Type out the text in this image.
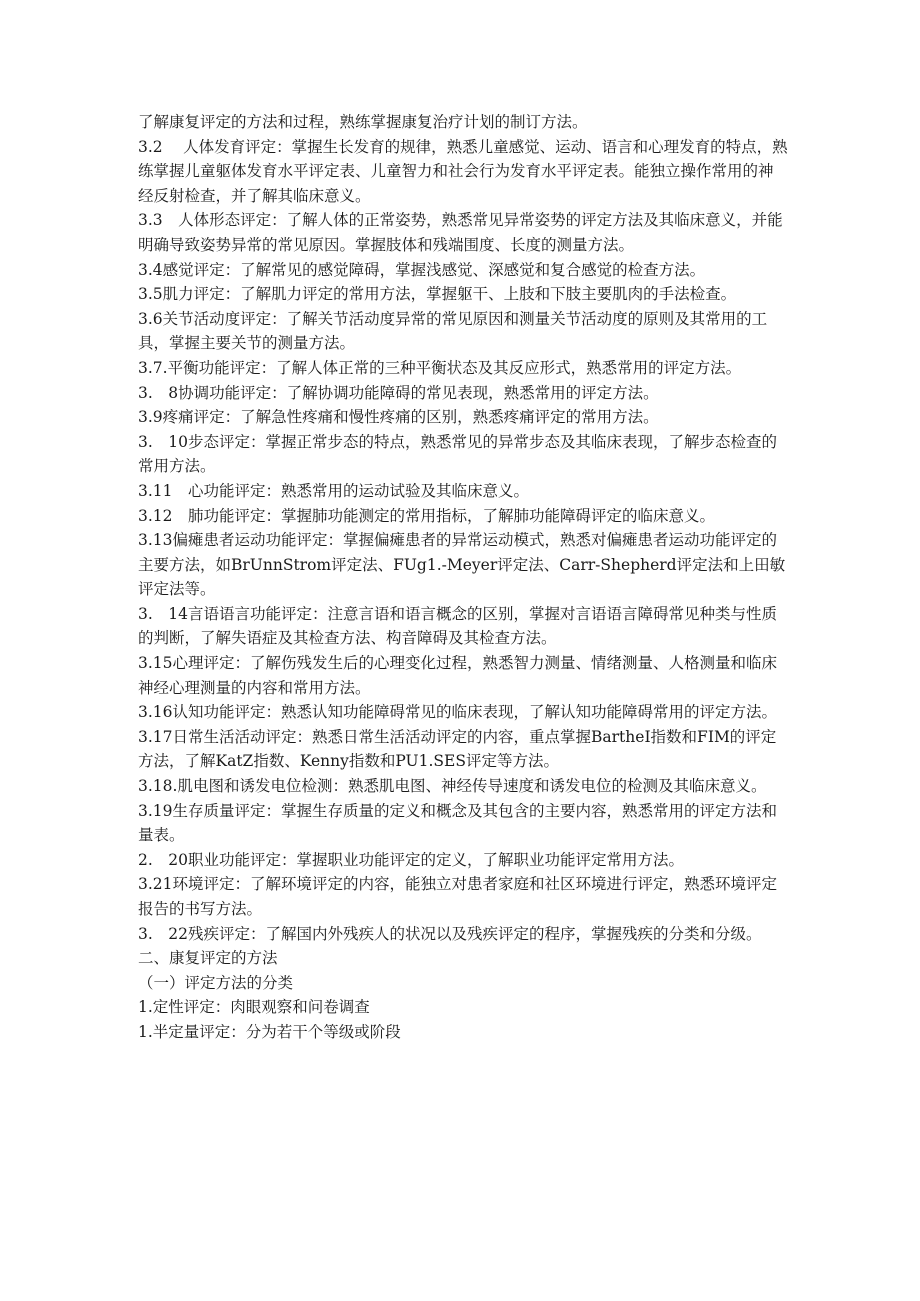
了解康复评定的方法和过程，熟练掌握康复治疗计划的制订方法。

3.2　 人体发育评定：掌握生长发育的规律，熟悉儿童感觉、运动、语言和心理发育的特点，熟练掌握儿童躯体发育水平评定表、儿童智力和社会行为发育水平评定表。能独立操作常用的神经反射检查，并了解其临床意义。

3.3　人体形态评定：了解人体的正常姿势，熟悉常见异常姿势的评定方法及其临床意义，并能明确导致姿势异常的常见原因。掌握肢体和残端围度、长度的测量方法。

3.4感觉评定：了解常见的感觉障碍，掌握浅感觉、深感觉和复合感觉的检查方法。

3.5肌力评定：了解肌力评定的常用方法，掌握躯干、上肢和下肢主要肌肉的手法检查。

3.6关节活动度评定：了解关节活动度异常的常见原因和测量关节活动度的原则及其常用的工具，掌握主要关节的测量方法。

3.7.平衡功能评定：了解人体正常的三种平衡状态及其反应形式，熟悉常用的评定方法。

3.　8协调功能评定：了解协调功能障碍的常见表现，熟悉常用的评定方法。

3.9疼痛评定：了解急性疼痛和慢性疼痛的区别，熟悉疼痛评定的常用方法。

3.　10步态评定：掌握正常步态的特点，熟悉常见的异常步态及其临床表现，了解步态检查的常用方法。

3.11　心功能评定：熟悉常用的运动试验及其临床意义。

3.12　肺功能评定：掌握肺功能测定的常用指标，了解肺功能障碍评定的临床意义。

3.13偏瘫患者运动功能评定：掌握偏瘫患者的异常运动模式，熟悉对偏瘫患者运动功能评定的主要方法，如BrUnnStrom评定法、FUg1.-Meyer评定法、Carr-Shepherd评定法和上田敏评定法等。

3.　14言语语言功能评定：注意言语和语言概念的区别，掌握对言语语言障碍常见种类与性质的判断，了解失语症及其检查方法、构音障碍及其检查方法。

3.15心理评定：了解伤残发生后的心理变化过程，熟悉智力测量、情绪测量、人格测量和临床神经心理测量的内容和常用方法。

3.16认知功能评定：熟悉认知功能障碍常见的临床表现，了解认知功能障碍常用的评定方法。

3.17日常生活活动评定：熟悉日常生活活动评定的内容，重点掌握BartheI指数和FIM的评定方法，了解KatZ指数、Kenny指数和PU1.SES评定等方法。

3.18.肌电图和诱发电位检测：熟悉肌电图、神经传导速度和诱发电位的检测及其临床意义。

3.19生存质量评定：掌握生存质量的定义和概念及其包含的主要内容，熟悉常用的评定方法和量表。

2.　20职业功能评定：掌握职业功能评定的定义，了解职业功能评定常用方法。

3.21环境评定：了解环境评定的内容，能独立对患者家庭和社区环境进行评定，熟悉环境评定报告的书写方法。

3.　22残疾评定：了解国内外残疾人的状况以及残疾评定的程序，掌握残疾的分类和分级。

二、康复评定的方法

（一）评定方法的分类

1.定性评定：肉眼观察和问卷调查

1.半定量评定：分为若干个等级或阶段
